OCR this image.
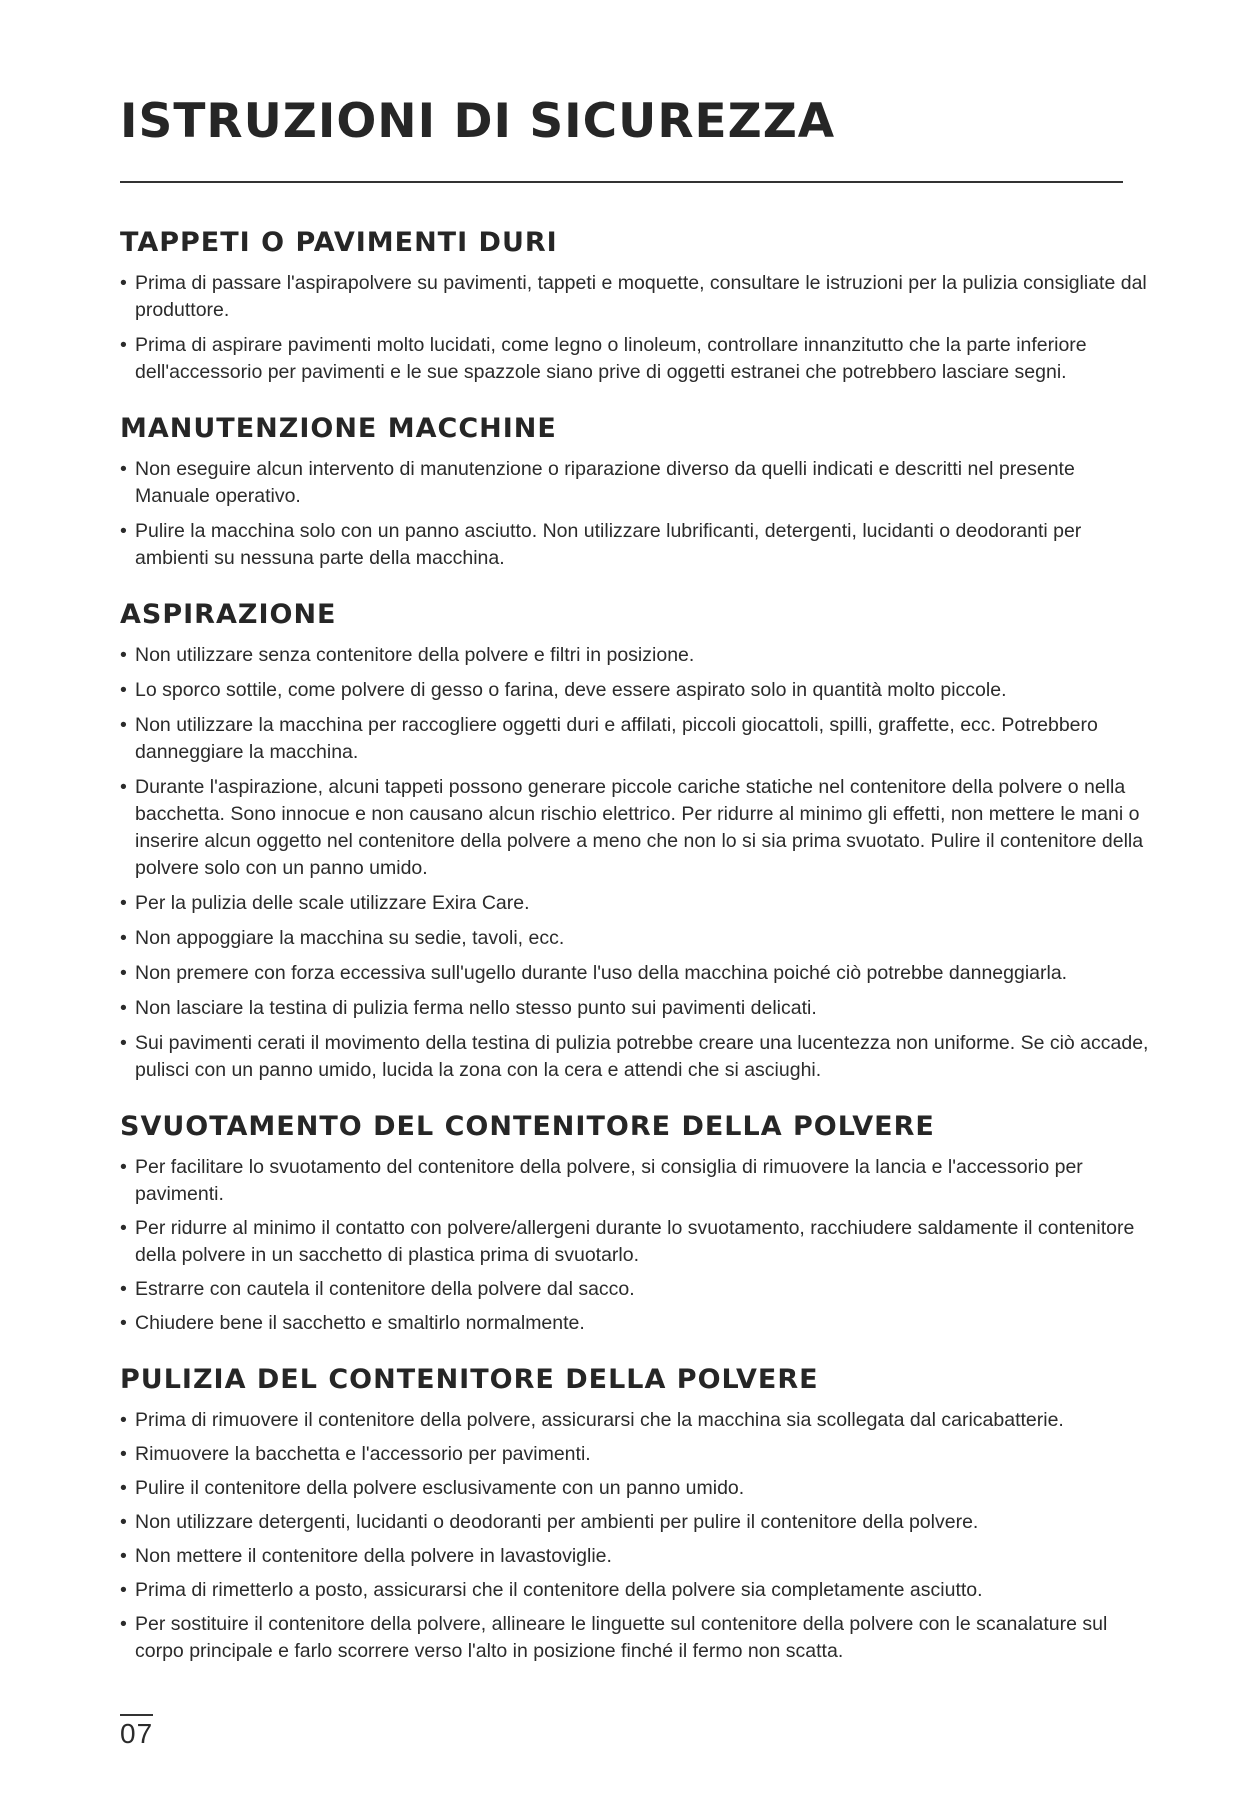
ISTRUZIONI DI SICUREZZA
TAPPETI O PAVIMENTI DURI
• Prima di passare l'aspirapolvere su pavimenti, tappeti e moquette, consultare le istruzioni per la pulizia consigliate dal produttore.
• Prima di aspirare pavimenti molto lucidati, come legno o linoleum, controllare innanzitutto che la parte inferiore dell'accessorio per pavimenti e le sue spazzole siano prive di oggetti estranei che potrebbero lasciare segni.
MANUTENZIONE MACCHINE
• Non eseguire alcun intervento di manutenzione o riparazione diverso da quelli indicati e descritti nel presente Manuale operativo.
• Pulire la macchina solo con un panno asciutto. Non utilizzare lubrificanti, detergenti, lucidanti o deodoranti per ambienti su nessuna parte della macchina.
ASPIRAZIONE
• Non utilizzare senza contenitore della polvere e filtri in posizione.
• Lo sporco sottile, come polvere di gesso o farina, deve essere aspirato solo in quantità molto piccole.
• Non utilizzare la macchina per raccogliere oggetti duri e affilati, piccoli giocattoli, spilli, graffette, ecc. Potrebbero danneggiare la macchina.
• Durante l'aspirazione, alcuni tappeti possono generare piccole cariche statiche nel contenitore della polvere o nella bacchetta. Sono innocue e non causano alcun rischio elettrico. Per ridurre al minimo gli effetti, non mettere le mani o inserire alcun oggetto nel contenitore della polvere a meno che non lo si sia prima svuotato. Pulire il contenitore della polvere solo con un panno umido.
• Per la pulizia delle scale utilizzare Exira Care.
• Non appoggiare la macchina su sedie, tavoli, ecc.
• Non premere con forza eccessiva sull'ugello durante l'uso della macchina poiché ciò potrebbe danneggiarla.
• Non lasciare la testina di pulizia ferma nello stesso punto sui pavimenti delicati.
• Sui pavimenti cerati il movimento della testina di pulizia potrebbe creare una lucentezza non uniforme. Se ciò accade, pulisci con un panno umido, lucida la zona con la cera e attendi che si asciughi.
SVUOTAMENTO DEL CONTENITORE DELLA POLVERE
• Per facilitare lo svuotamento del contenitore della polvere, si consiglia di rimuovere la lancia e l'accessorio per pavimenti.
• Per ridurre al minimo il contatto con polvere/allergeni durante lo svuotamento, racchiudere saldamente il contenitore della polvere in un sacchetto di plastica prima di svuotarlo.
• Estrarre con cautela il contenitore della polvere dal sacco.
• Chiudere bene il sacchetto e smaltirlo normalmente.
PULIZIA DEL CONTENITORE DELLA POLVERE
• Prima di rimuovere il contenitore della polvere, assicurarsi che la macchina sia scollegata dal caricabatterie.
• Rimuovere la bacchetta e l'accessorio per pavimenti.
• Pulire il contenitore della polvere esclusivamente con un panno umido.
• Non utilizzare detergenti, lucidanti o deodoranti per ambienti per pulire il contenitore della polvere.
• Non mettere il contenitore della polvere in lavastoviglie.
• Prima di rimetterlo a posto, assicurarsi che il contenitore della polvere sia completamente asciutto.
• Per sostituire il contenitore della polvere, allineare le linguette sul contenitore della polvere con le scanalature sul corpo principale e farlo scorrere verso l'alto in posizione finché il fermo non scatta.
07
